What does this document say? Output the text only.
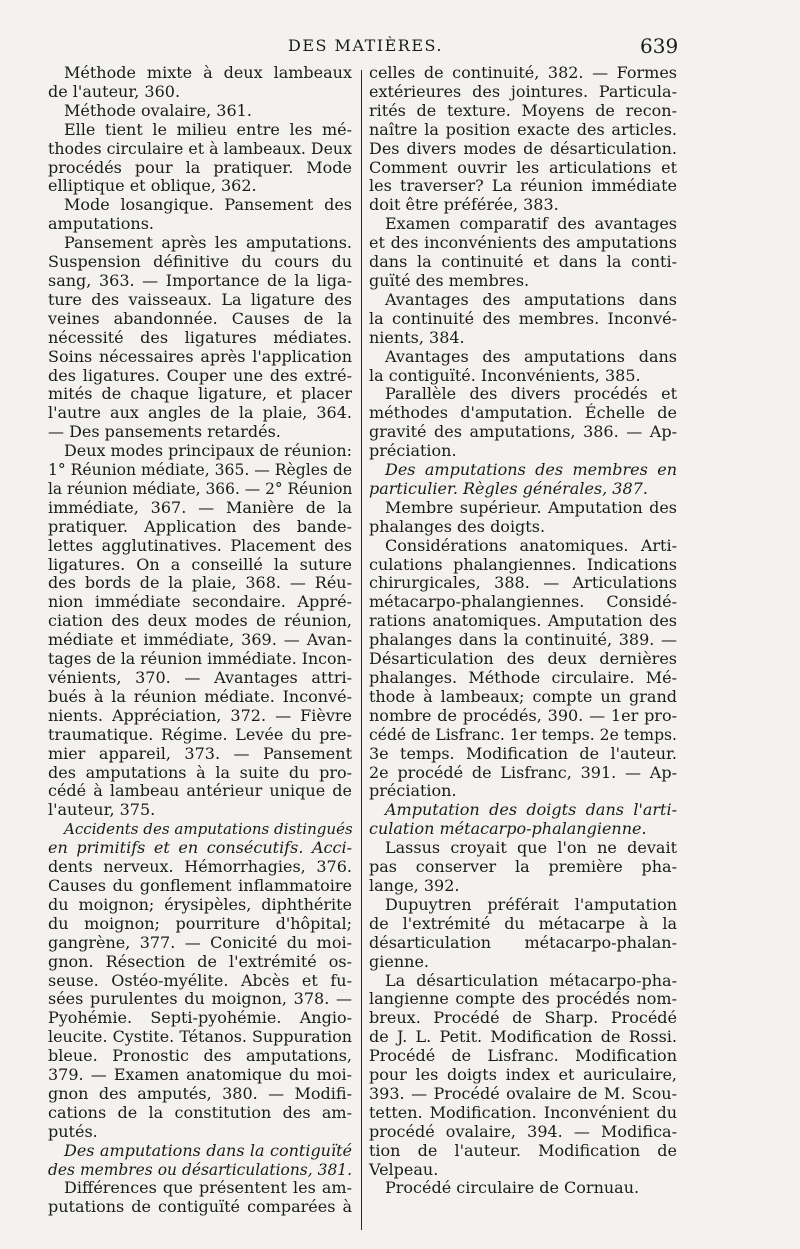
DES MATIÈRES.	639
Méthode mixte à deux lambeaux
de l'auteur, 360.
Méthode ovalaire, 361.
Elle tient le milieu entre les mé-
thodes circulaire et à lambeaux. Deux
procédés pour la pratiquer. Mode
elliptique et oblique, 362.
Mode losangique. Pansement des
amputations.
Pansement après les amputations.
Suspension définitive du cours du
sang, 363. — Importance de la liga-
ture des vaisseaux. La ligature des
veines abandonnée. Causes de la
nécessité des ligatures médiates.
Soins nécessaires après l'application
des ligatures. Couper une des extré-
mités de chaque ligature, et placer
l'autre aux angles de la plaie, 364.
— Des pansements retardés.
Deux modes principaux de réunion:
1° Réunion médiate, 365. — Règles de
la réunion médiate, 366. — 2° Réunion
immédiate, 367. — Manière de la
pratiquer. Application des bande-
lettes agglutinatives. Placement des
ligatures. On a conseillé la suture
des bords de la plaie, 368. — Réu-
nion immédiate secondaire. Appré-
ciation des deux modes de réunion,
médiate et immédiate, 369. — Avan-
tages de la réunion immédiate. Incon-
vénients, 370. — Avantages attri-
bués à la réunion médiate. Inconvé-
nients. Appréciation, 372. — Fièvre
traumatique. Régime. Levée du pre-
mier appareil, 373. — Pansement
des amputations à la suite du pro-
cédé à lambeau antérieur unique de
l'auteur, 375.
Accidents des amputations distingués
en primitifs et en consécutifs. Acci-
dents nerveux. Hémorrhagies, 376.
Causes du gonflement inflammatoire
du moignon; érysipèles, diphthérite
du moignon; pourriture d'hôpital;
gangrène, 377. — Conicité du moi-
gnon. Résection de l'extrémité os-
seuse. Ostéo-myélite. Abcès et fu-
sées purulentes du moignon, 378. —
Pyohémie. Septi-pyohémie. Angio-
leucite. Cystite. Tétanos. Suppuration
bleue. Pronostic des amputations,
379. — Examen anatomique du moi-
gnon des amputés, 380. — Modifi-
cations de la constitution des am-
putés.
Des amputations dans la contiguïté
des membres ou désarticulations, 381.
Différences que présentent les am-
putations de contiguïté comparées à
celles de continuité, 382. — Formes
extérieures des jointures. Particula-
rités de texture. Moyens de recon-
naître la position exacte des articles.
Des divers modes de désarticulation.
Comment ouvrir les articulations et
les traverser? La réunion immédiate
doit être préférée, 383.
Examen comparatif des avantages
et des inconvénients des amputations
dans la continuité et dans la conti-
guïté des membres.
Avantages des amputations dans
la continuité des membres. Inconvé-
nients, 384.
Avantages des amputations dans
la contiguïté. Inconvénients, 385.
Parallèle des divers procédés et
méthodes d'amputation. Échelle de
gravité des amputations, 386. — Ap-
préciation.
Des amputations des membres en
particulier. Règles générales, 387.
Membre supérieur. Amputation des
phalanges des doigts.
Considérations anatomiques. Arti-
culations phalangiennes. Indications
chirurgicales, 388. — Articulations
métacarpo-phalangiennes. Considé-
rations anatomiques. Amputation des
phalanges dans la continuité, 389. —
Désarticulation des deux dernières
phalanges. Méthode circulaire. Mé-
thode à lambeaux; compte un grand
nombre de procédés, 390. — 1er pro-
cédé de Lisfranc. 1er temps. 2e temps.
3e temps. Modification de l'auteur.
2e procédé de Lisfranc, 391. — Ap-
préciation.
Amputation des doigts dans l'arti-
culation métacarpo-phalangienne.
Lassus croyait que l'on ne devait
pas conserver la première pha-
lange, 392.
Dupuytren préférait l'amputation
de l'extrémité du métacarpe à la
désarticulation métacarpo-phalan-
gienne.
La désarticulation métacarpo-pha-
langienne compte des procédés nom-
breux. Procédé de Sharp. Procédé
de J. L. Petit. Modification de Rossi.
Procédé de Lisfranc. Modification
pour les doigts index et auriculaire,
393. — Procédé ovalaire de M. Scou-
tetten. Modification. Inconvénient du
procédé ovalaire, 394. — Modifica-
tion de l'auteur. Modification de
Velpeau.
Procédé circulaire de Cornuau.
